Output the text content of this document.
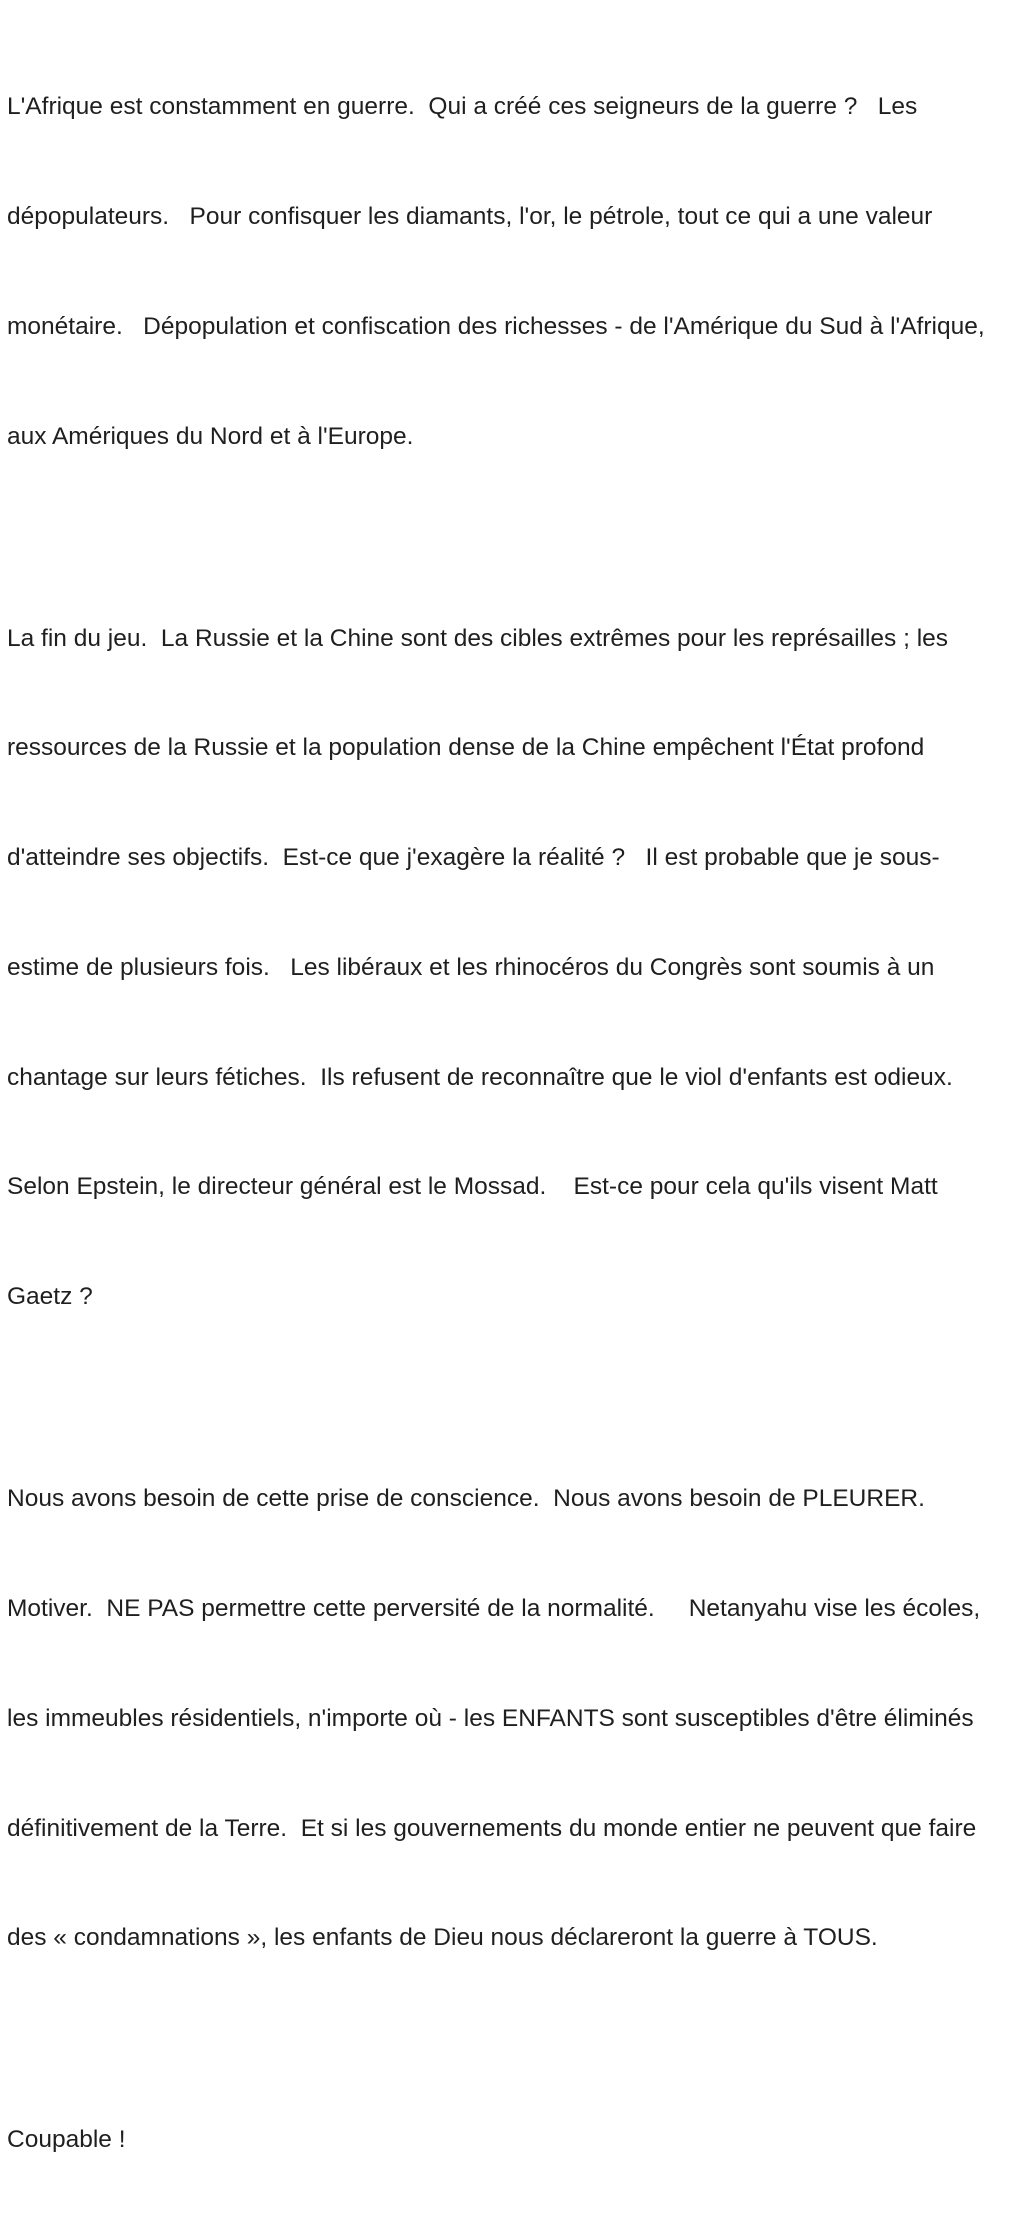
L'Afrique est constamment en guerre.  Qui a créé ces seigneurs de la guerre ?   Les

dépopulateurs.   Pour confisquer les diamants, l'or, le pétrole, tout ce qui a une valeur

monétaire.   Dépopulation et confiscation des richesses - de l'Amérique du Sud à l'Afrique,

aux Amériques du Nord et à l'Europe.

La fin du jeu.  La Russie et la Chine sont des cibles extrêmes pour les représailles ; les

ressources de la Russie et la population dense de la Chine empêchent l'État profond

d'atteindre ses objectifs.  Est-ce que j'exagère la réalité ?   Il est probable que je sous-

estime de plusieurs fois.   Les libéraux et les rhinocéros du Congrès sont soumis à un

chantage sur leurs fétiches.  Ils refusent de reconnaître que le viol d'enfants est odieux.

Selon Epstein, le directeur général est le Mossad.    Est-ce pour cela qu'ils visent Matt

Gaetz ?

Nous avons besoin de cette prise de conscience.  Nous avons besoin de PLEURER.

Motiver.  NE PAS permettre cette perversité de la normalité.     Netanyahu vise les écoles,

les immeubles résidentiels, n'importe où - les ENFANTS sont susceptibles d'être éliminés

définitivement de la Terre.  Et si les gouvernements du monde entier ne peuvent que faire

des « condamnations », les enfants de Dieu nous déclareront la guerre à TOUS.

Coupable !
